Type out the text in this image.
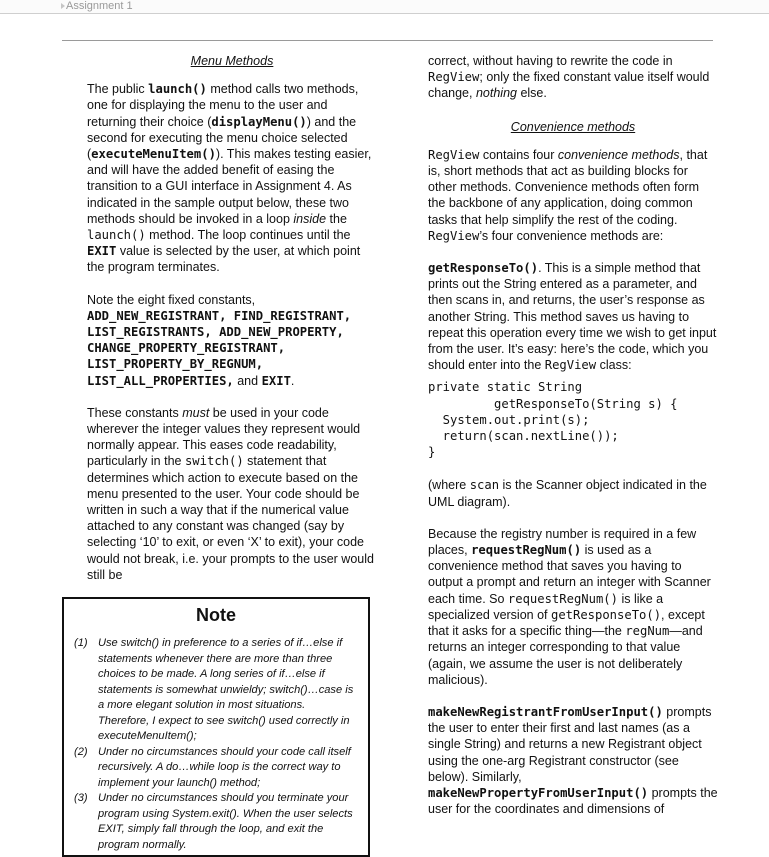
Assignment 1

Menu Methods

The public launch() method calls two methods, one for displaying the menu to the user and returning their choice (displayMenu()) and the second for executing the menu choice selected (executeMenuItem()). This makes testing easier, and will have the added benefit of easing the transition to a GUI interface in Assignment 4. As indicated in the sample output below, these two methods should be invoked in a loop inside the launch() method. The loop continues until the EXIT value is selected by the user, at which point the program terminates.

Note the eight fixed constants, ADD_NEW_REGISTRANT, FIND_REGISTRANT, LIST_REGISTRANTS, ADD_NEW_PROPERTY, CHANGE_PROPERTY_REGISTRANT, LIST_PROPERTY_BY_REGNUM, LIST_ALL_PROPERTIES, and EXIT.

These constants must be used in your code wherever the integer values they represent would normally appear. This eases code readability, particularly in the switch() statement that determines which action to execute based on the menu presented to the user. Your code should be written in such a way that if the numerical value attached to any constant was changed (say by selecting ‘10’ to exit, or even ‘X’ to exit), your code would not break, i.e. your prompts to the user would still be

Note
(1) Use switch() in preference to a series of if…else if statements whenever there are more than three choices to be made. A long series of if…else if statements is somewhat unwieldy; switch()…case is a more elegant solution in most situations. Therefore, I expect to see switch() used correctly in executeMenuItem();
(2) Under no circumstances should your code call itself recursively. A do…while loop is the correct way to implement your launch() method;
(3) Under no circumstances should you terminate your program using System.exit(). When the user selects EXIT, simply fall through the loop, and exit the program normally.

correct, without having to rewrite the code in RegView; only the fixed constant value itself would change, nothing else.

Convenience methods

RegView contains four convenience methods, that is, short methods that act as building blocks for other methods. Convenience methods often form the backbone of any application, doing common tasks that help simplify the rest of the coding. RegView’s four convenience methods are:

getResponseTo(). This is a simple method that prints out the String entered as a parameter, and then scans in, and returns, the user’s response as another String. This method saves us having to repeat this operation every time we wish to get input from the user. It’s easy: here’s the code, which you should enter into the RegView class:

private static String

getResponseTo(String s) {

System.out.print(s);

return(scan.nextLine());

}

(where scan is the Scanner object indicated in the UML diagram).

Because the registry number is required in a few places, requestRegNum() is used as a convenience method that saves you having to output a prompt and return an integer with Scanner each time. So requestRegNum() is like a specialized version of getResponseTo(), except that it asks for a specific thing—the regNum—and returns an integer corresponding to that value (again, we assume the user is not deliberately malicious).

makeNewRegistrantFromUserInput() prompts the user to enter their first and last names (as a single String) and returns a new Registrant object using the one-arg Registrant constructor (see below). Similarly, makeNewPropertyFromUserInput() prompts the user for the coordinates and dimensions of
